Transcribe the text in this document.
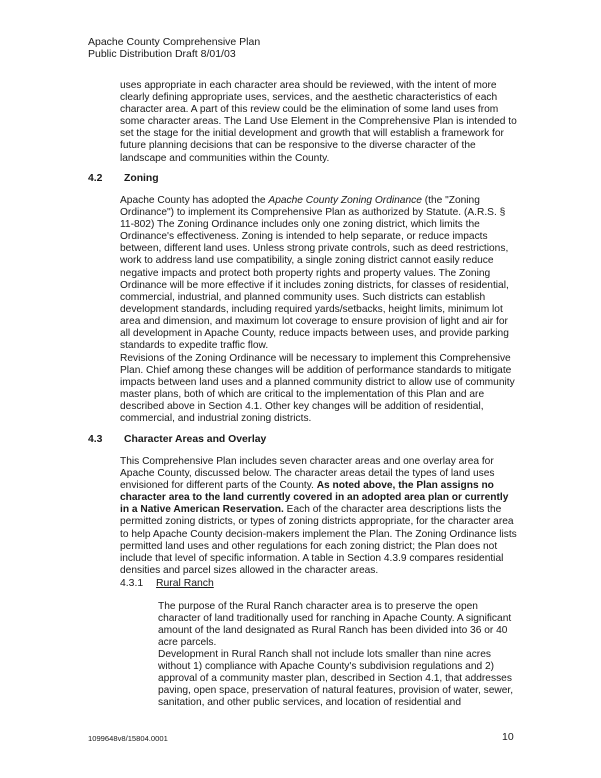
Apache County Comprehensive Plan
Public Distribution Draft 8/01/03

uses appropriate in each character area should be reviewed, with the intent of more clearly defining appropriate uses, services, and the aesthetic characteristics of each character area. A part of this review could be the elimination of some land uses from some character areas. The Land Use Element in the Comprehensive Plan is intended to set the stage for the initial development and growth that will establish a framework for future planning decisions that can be responsive to the diverse character of the landscape and communities within the County.

4.2 Zoning

Apache County has adopted the Apache County Zoning Ordinance (the "Zoning Ordinance") to implement its Comprehensive Plan as authorized by Statute. (A.R.S. § 11-802) The Zoning Ordinance includes only one zoning district, which limits the Ordinance's effectiveness. Zoning is intended to help separate, or reduce impacts between, different land uses. Unless strong private controls, such as deed restrictions, work to address land use compatibility, a single zoning district cannot easily reduce negative impacts and protect both property rights and property values. The Zoning Ordinance will be more effective if it includes zoning districts, for classes of residential, commercial, industrial, and planned community uses. Such districts can establish development standards, including required yards/setbacks, height limits, minimum lot area and dimension, and maximum lot coverage to ensure provision of light and air for all development in Apache County, reduce impacts between uses, and provide parking standards to expedite traffic flow.

Revisions of the Zoning Ordinance will be necessary to implement this Comprehensive Plan. Chief among these changes will be addition of performance standards to mitigate impacts between land uses and a planned community district to allow use of community master plans, both of which are critical to the implementation of this Plan and are described above in Section 4.1. Other key changes will be addition of residential, commercial, and industrial zoning districts.

4.3 Character Areas and Overlay

This Comprehensive Plan includes seven character areas and one overlay area for Apache County, discussed below. The character areas detail the types of land uses envisioned for different parts of the County. As noted above, the Plan assigns no character area to the land currently covered in an adopted area plan or currently in a Native American Reservation. Each of the character area descriptions lists the permitted zoning districts, or types of zoning districts appropriate, for the character area to help Apache County decision-makers implement the Plan. The Zoning Ordinance lists permitted land uses and other regulations for each zoning district; the Plan does not include that level of specific information. A table in Section 4.3.9 compares residential densities and parcel sizes allowed in the character areas.

4.3.1 Rural Ranch

The purpose of the Rural Ranch character area is to preserve the open character of land traditionally used for ranching in Apache County. A significant amount of the land designated as Rural Ranch has been divided into 36 or 40 acre parcels.

Development in Rural Ranch shall not include lots smaller than nine acres without 1) compliance with Apache County's subdivision regulations and 2) approval of a community master plan, described in Section 4.1, that addresses paving, open space, preservation of natural features, provision of water, sewer, sanitation, and other public services, and location of residential and

1099648v8/15804.0001	10
